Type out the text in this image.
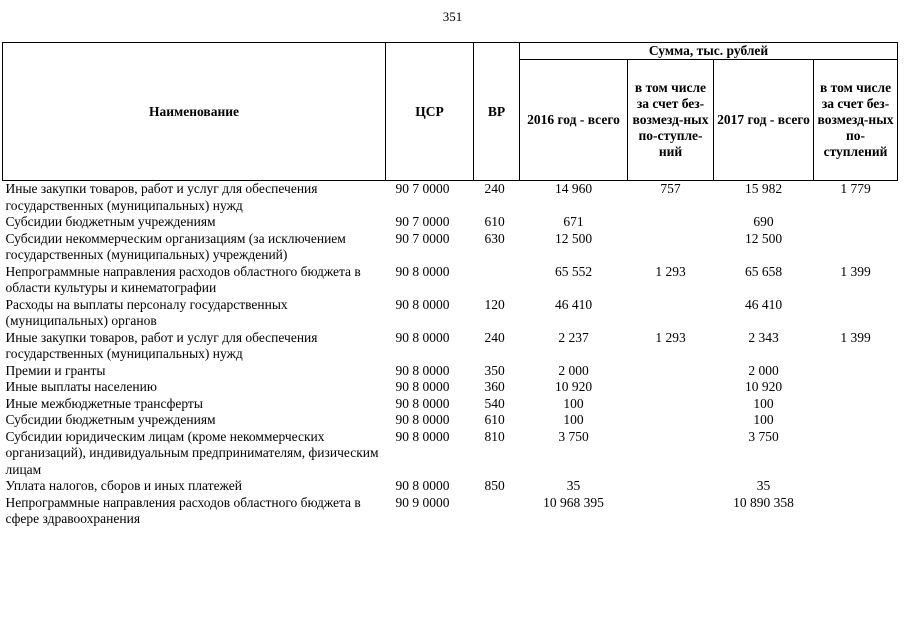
351
Наименование	ЦСР	ВР	Сумма, тыс. рублей			
			2016 год - всего	в том числе за счет без-возмезд-ных по-ступле-ний	2017 год - всего	в том числе за счет без-возмезд-ных по-ступлений
Иные закупки товаров, работ и услуг для обеспечения государственных (муниципальных) нужд	90 7 0000	240	14 960	757	15 982	1 779
Субсидии бюджетным учреждениям	90 7 0000	610	671		690	
Субсидии некоммерческим организациям (за исключением государственных (муниципальных) учреждений)	90 7 0000	630	12 500		12 500	
Непрограммные направления расходов областного бюджета в области культуры и кинематографии	90 8 0000		65 552	1 293	65 658	1 399
Расходы на выплаты персоналу государственных (муниципальных) органов	90 8 0000	120	46 410		46 410	
Иные закупки товаров, работ и услуг для обеспечения государственных (муниципальных) нужд	90 8 0000	240	2 237	1 293	2 343	1 399
Премии и гранты	90 8 0000	350	2 000		2 000	
Иные выплаты населению	90 8 0000	360	10 920		10 920	
Иные межбюджетные трансферты	90 8 0000	540	100		100	
Субсидии бюджетным учреждениям	90 8 0000	610	100		100	
Субсидии юридическим лицам (кроме некоммерческих организаций), индивидуальным предпринимателям, физическим лицам	90 8 0000	810	3 750		3 750	
Уплата налогов, сборов и иных платежей	90 8 0000	850	35		35	
Непрограммные направления расходов областного бюджета в сфере здравоохранения	90 9 0000		10 968 395		10 890 358	
